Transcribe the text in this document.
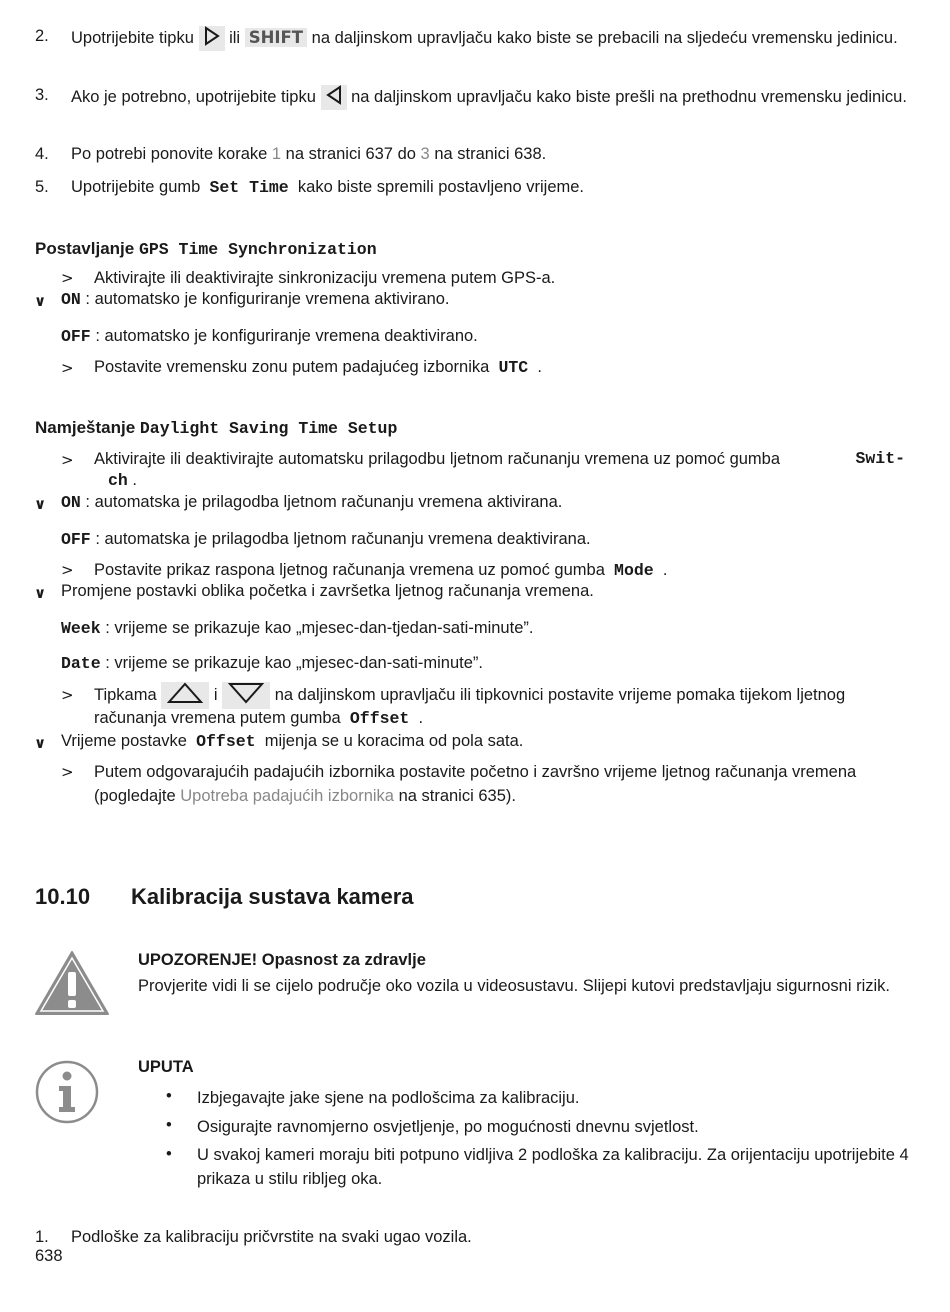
2. Upotrijebite tipku ili SHIFT na daljinskom upravljaču kako biste se prebacili na sljedeću vremensku jedinicu.
3. Ako je potrebno, upotrijebite tipku na daljinskom upravljaču kako biste prešli na prethodnu vremensku jedinicu.
4. Po potrebi ponovite korake 1 na stranici 637 do 3 na stranici 638.
5. Upotrijebite gumb Set Time kako biste spremili postavljeno vrijeme.
Postavljanje GPS Time Synchronization
> Aktivirajte ili deaktivirajte sinkronizaciju vremena putem GPS-a.
∨ ON : automatsko je konfiguriranje vremena aktivirano.
OFF : automatsko je konfiguriranje vremena deaktivirano.
> Postavite vremensku zonu putem padajućeg izbornika UTC .
Namještanje Daylight Saving Time Setup
> Aktivirajte ili deaktivirajte automatsku prilagodbu ljetnom računanju vremena uz pomoć gumba	Swit-
ch .
∨ ON : automatska je prilagodba ljetnom računanju vremena aktivirana.
OFF : automatska je prilagodba ljetnom računanju vremena deaktivirana.
> Postavite prikaz raspona ljetnog računanja vremena uz pomoć gumba Mode .
∨ Promjene postavki oblika početka i završetka ljetnog računanja vremena.
Week : vrijeme se prikazuje kao „mjesec-dan-tjedan-sati-minute”.
Date : vrijeme se prikazuje kao „mjesec-dan-sati-minute”.
> Tipkama	i	na daljinskom upravljaču ili tipkovnici postavite vrijeme pomaka tijekom ljetnog
računanja vremena putem gumba Offset .
∨ Vrijeme postavke Offset mijenja se u koracima od pola sata.
> Putem odgovarajućih padajućih izbornika postavite početno i završno vrijeme ljetnog računanja vremena (pogledajte Upotreba padajućih izbornika na stranici 635).
10.10 Kalibracija sustava kamera
UPOZORENJE! Opasnost za zdravlje
Provjerite vidi li se cijelo područje oko vozila u videosustavu. Slijepi kutovi predstavljaju sigurnosni rizik.
UPUTA
• Izbjegavajte jake sjene na podlošcima za kalibraciju.
• Osigurajte ravnomjerno osvjetljenje, po mogućnosti dnevnu svjetlost.
• U svakoj kameri moraju biti potpuno vidljiva 2 podloška za kalibraciju. Za orijentaciju upotrijebite 4 prikaza u stilu ribljeg oka.
1. Podloške za kalibraciju pričvrstite na svaki ugao vozila.
638
